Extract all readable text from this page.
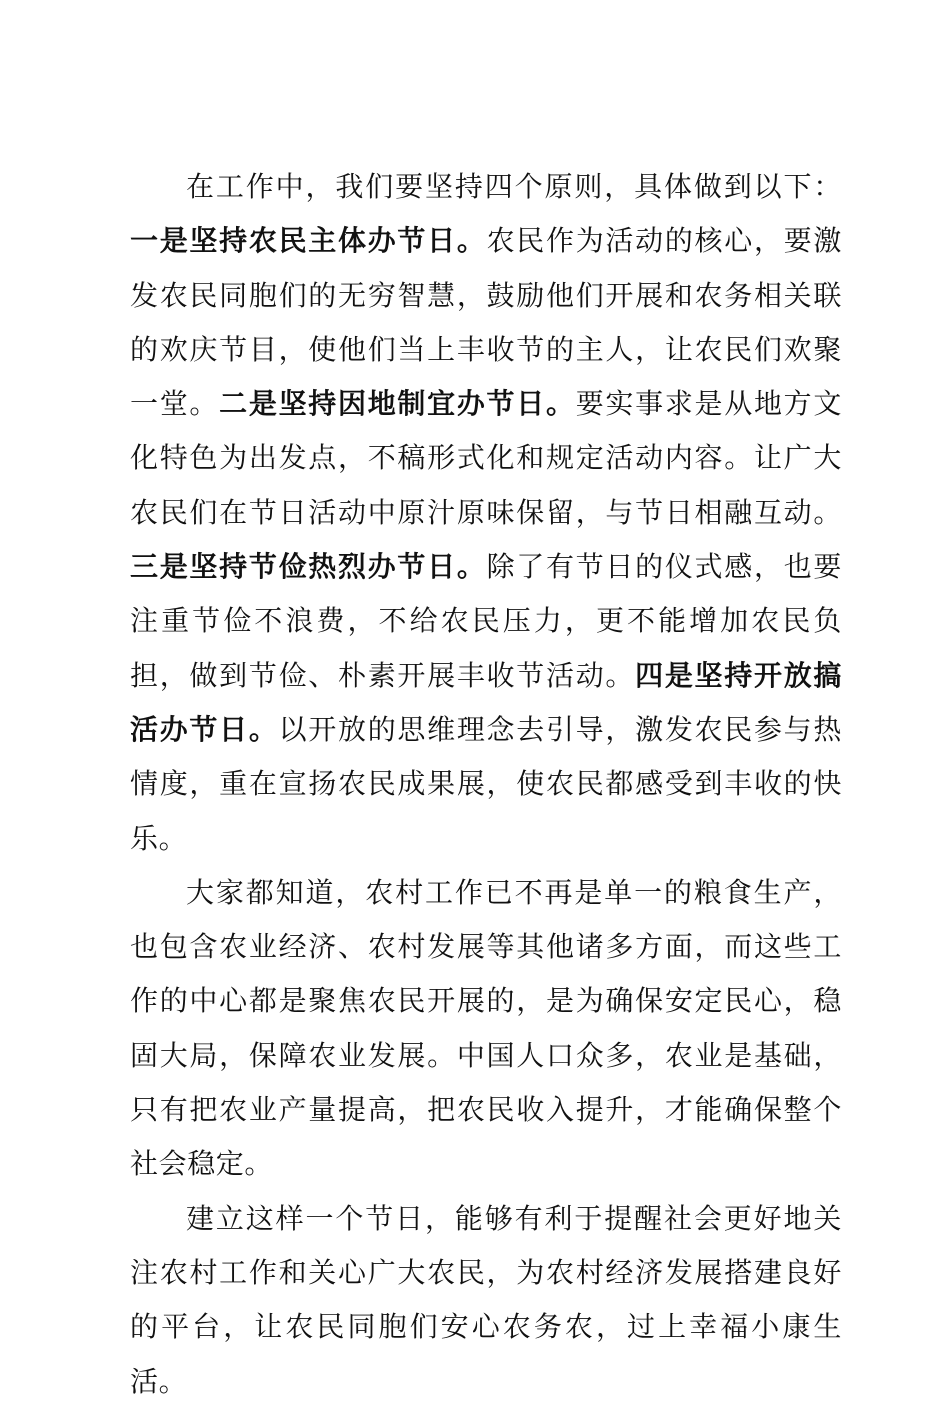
在工作中，我们要坚持四个原则，具体做到以下：一是坚持农民主体办节日。农民作为活动的核心，要激发农民同胞们的无穷智慧，鼓励他们开展和农务相关联的欢庆节目，使他们当上丰收节的主人，让农民们欢聚一堂。二是坚持因地制宜办节日。要实事求是从地方文化特色为出发点，不稿形式化和规定活动内容。让广大农民们在节日活动中原汁原味保留，与节日相融互动。三是坚持节俭热烈办节日。除了有节日的仪式感，也要注重节俭不浪费，不给农民压力，更不能增加农民负担，做到节俭、朴素开展丰收节活动。四是坚持开放搞活办节日。以开放的思维理念去引导，激发农民参与热情度，重在宣扬农民成果展，使农民都感受到丰收的快乐。

大家都知道，农村工作已不再是单一的粮食生产，也包含农业经济、农村发展等其他诸多方面，而这些工作的中心都是聚焦农民开展的，是为确保安定民心，稳固大局，保障农业发展。中国人口众多，农业是基础，只有把农业产量提高，把农民收入提升，才能确保整个社会稳定。

建立这样一个节日，能够有利于提醒社会更好地关注农村工作和关心广大农民，为农村经济发展搭建良好的平台，让农民同胞们安心农务农，过上幸福小康生活。
